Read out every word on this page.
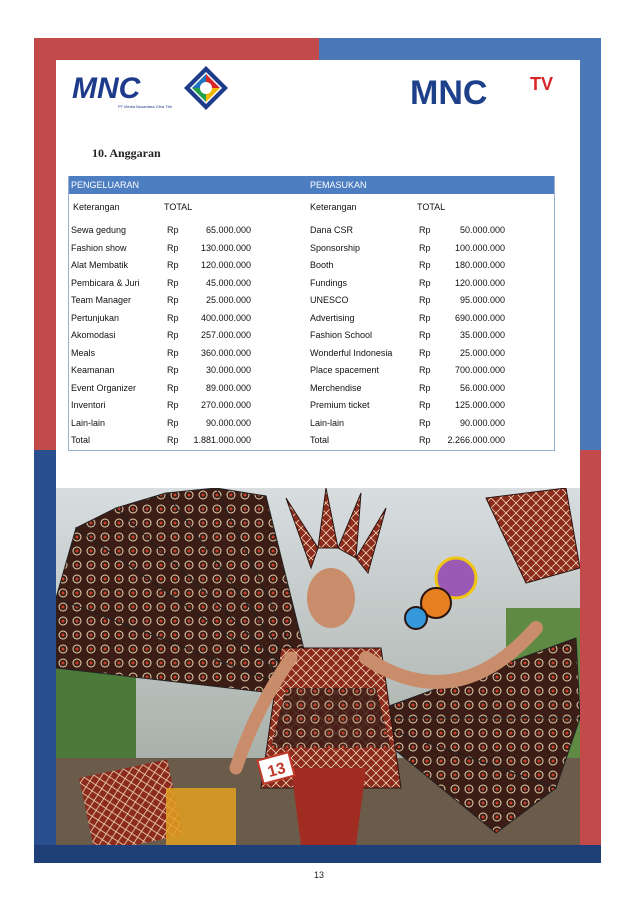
MNC
PT Media Nusantara Citra Tbk	MNC TV
10. Anggaran
PENGELUARAN	PEMASUKAN
Keterangan	TOTAL	Keterangan	TOTAL
Sewa gedung	Rp	65.000.000	Dana CSR	Rp	50.000.000
Fashion show	Rp	130.000.000	Sponsorship	Rp	100.000.000
Alat Membatik	Rp	120.000.000	Booth	Rp	180.000.000
Pembicara & Juri	Rp	45.000.000	Fundings	Rp	120.000.000
Team Manager	Rp	25.000.000	UNESCO	Rp	95.000.000
Pertunjukan	Rp	400.000.000	Advertising	Rp	690.000.000
Akomodasi	Rp	257.000.000	Fashion School	Rp	35.000.000
Meals	Rp	360.000.000	Wonderful Indonesia	Rp	25.000.000
Keamanan	Rp	30.000.000	Place spacement	Rp	700.000.000
Event Organizer	Rp	89.000.000	Merchendise	Rp	56.000.000
Inventori	Rp	270.000.000	Premium ticket	Rp	125.000.000
Lain-lain	Rp	90.000.000	Lain-lain	Rp	90.000.000
Total	Rp	1.881.000.000	Total	Rp	2.266.000.000
13
13
